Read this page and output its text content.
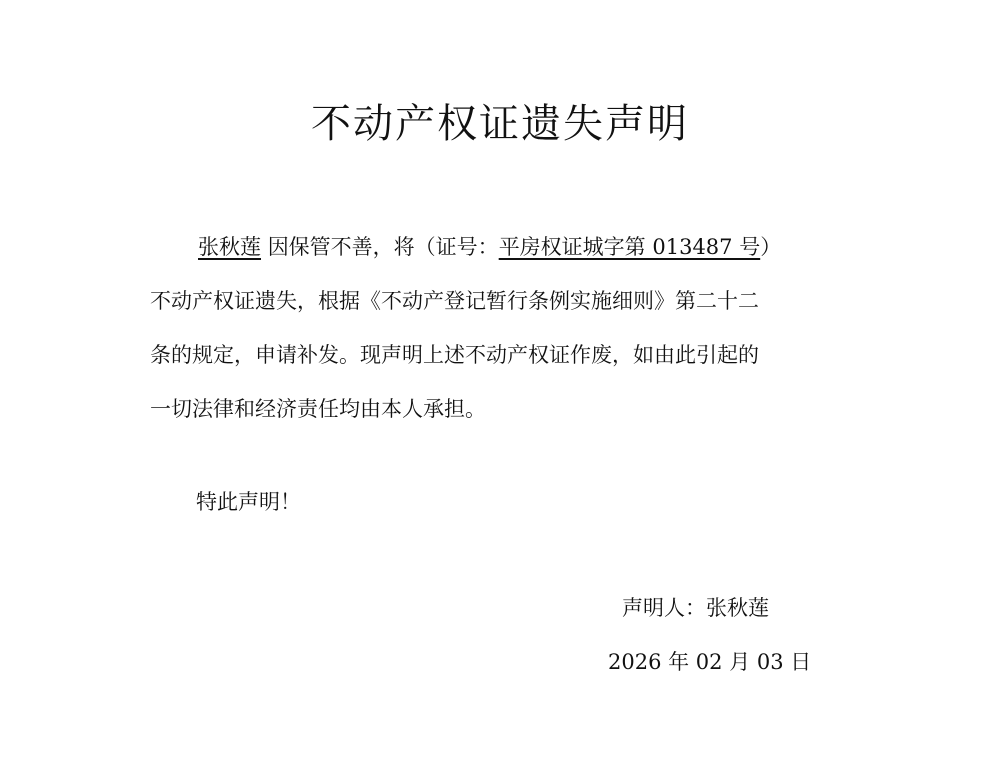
不动产权证遗失声明
张秋莲 因保管不善，将（证号：平房权证城字第 013487 号）
不动产权证遗失，根据《不动产登记暂行条例实施细则》第二十二
条的规定，申请补发。现声明上述不动产权证作废，如由此引起的
一切法律和经济责任均由本人承担。
特此声明！
声明人：张秋莲
2026 年 02 月 03 日
